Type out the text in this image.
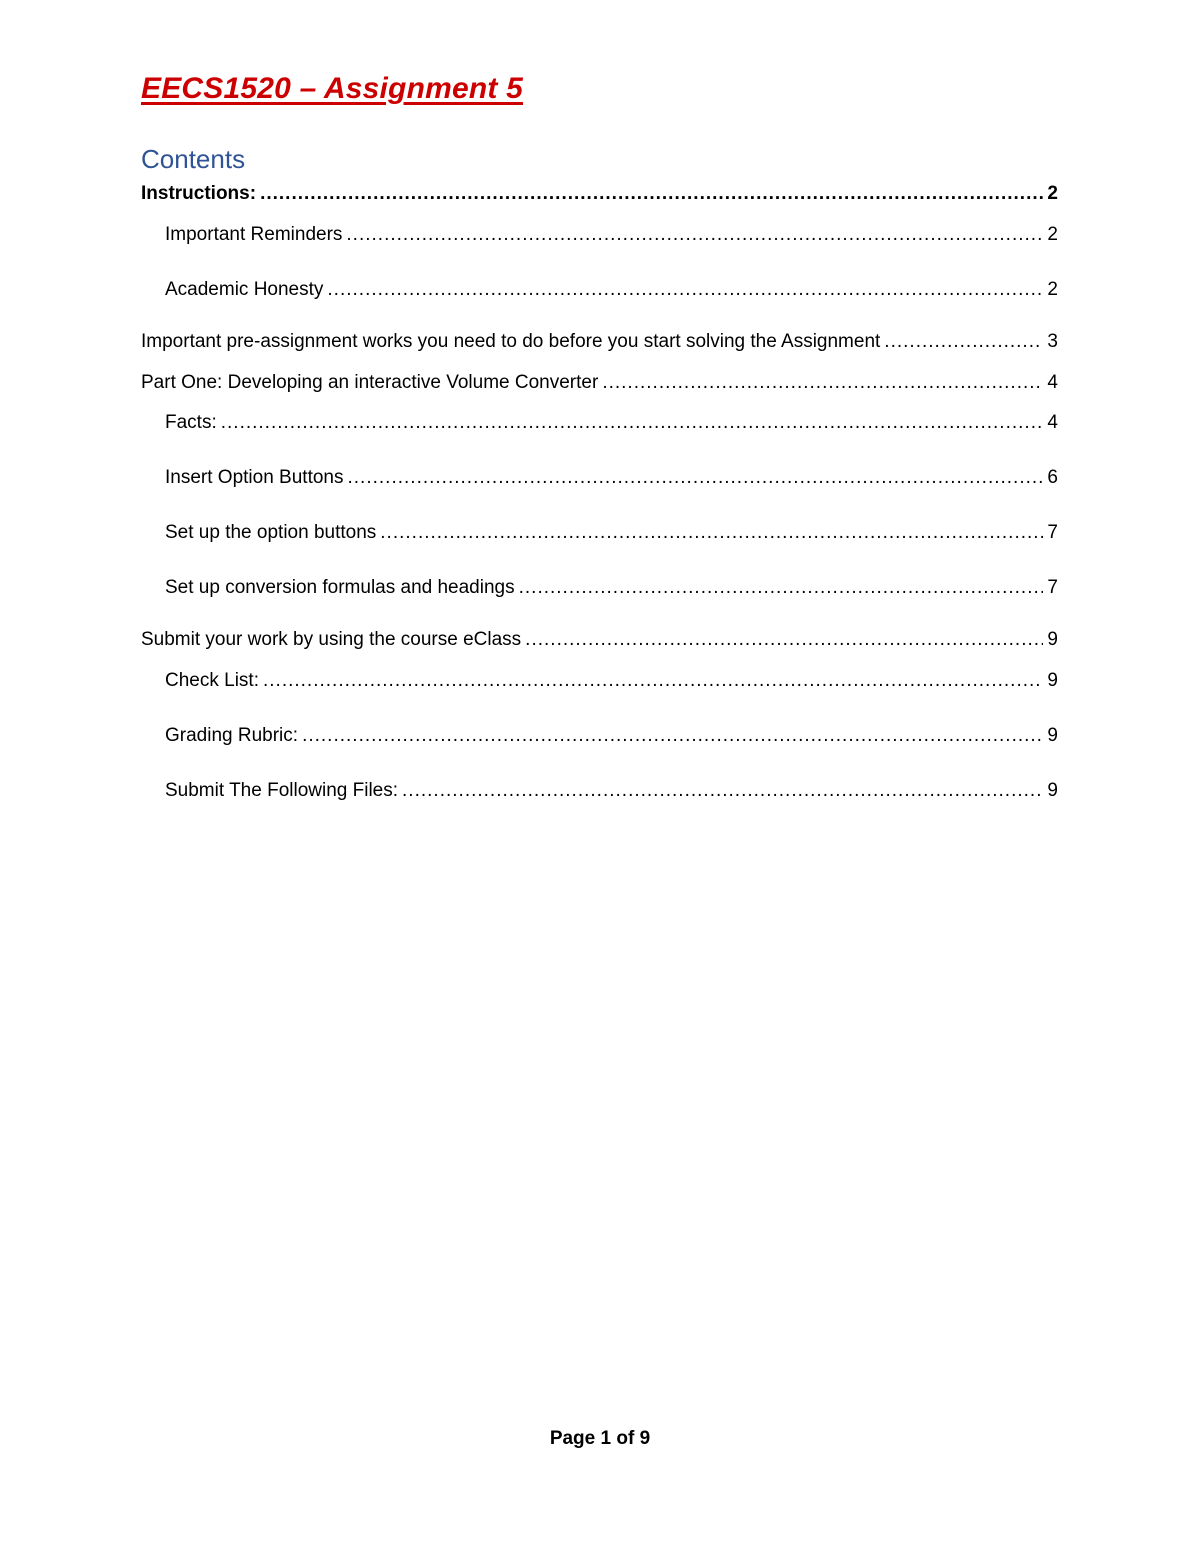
EECS1520 – Assignment 5
Contents
Instructions: .....	2
Important Reminders .....	2
Academic Honesty .....	2
Important pre-assignment works you need to do before you start solving the Assignment .....	3
Part One: Developing an interactive Volume Converter .....	4
Facts: .....	4
Insert Option Buttons .....	6
Set up the option buttons .....	7
Set up conversion formulas and headings .....	7
Submit your work by using the course eClass .....	9
Check List: .....	9
Grading Rubric: .....	9
Submit The Following Files: .....	9
Page 1 of 9
